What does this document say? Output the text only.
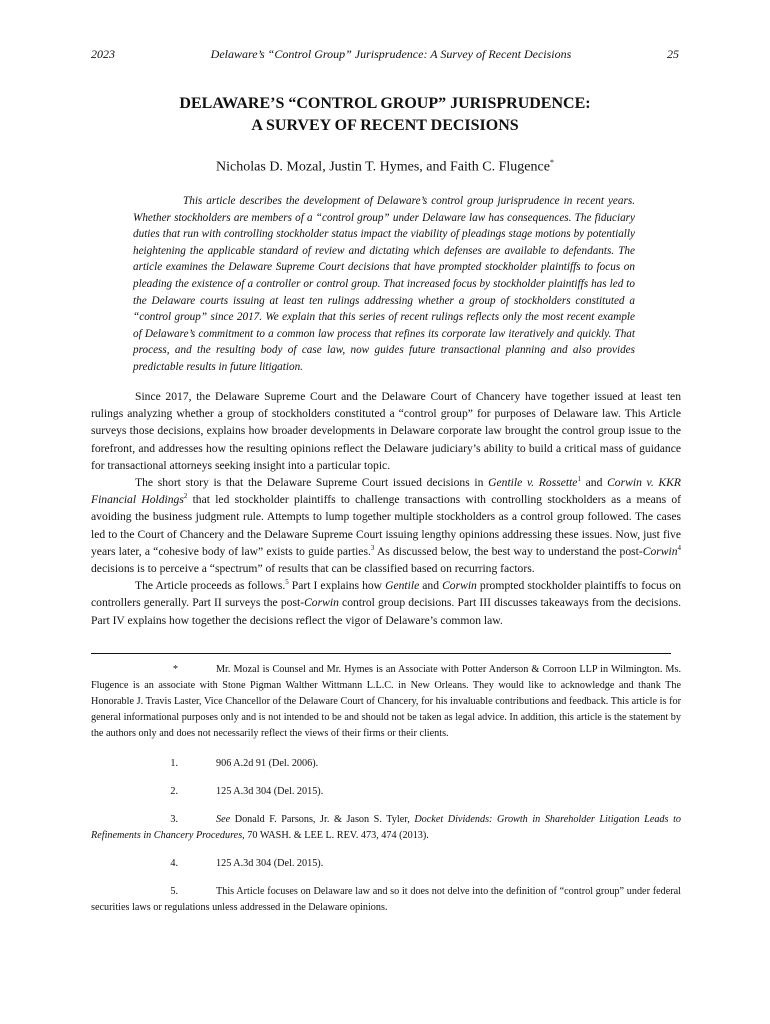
2023	Delaware’s “Control Group” Jurisprudence: A Survey of Recent Decisions	25
DELAWARE’S “CONTROL GROUP” JURISPRUDENCE:
A SURVEY OF RECENT DECISIONS
Nicholas D. Mozal, Justin T. Hymes, and Faith C. Flugence*

This article describes the development of Delaware’s control group jurisprudence in recent years. Whether stockholders are members of a “control group” under Delaware law has consequences. The fiduciary duties that run with controlling stockholder status impact the viability of pleadings stage motions by potentially heightening the applicable standard of review and dictating which defenses are available to defendants. The article examines the Delaware Supreme Court decisions that have prompted stockholder plaintiffs to focus on pleading the existence of a controller or control group. That increased focus by stockholder plaintiffs has led to the Delaware courts issuing at least ten rulings addressing whether a group of stockholders constituted a “control group” since 2017. We explain that this series of recent rulings reflects only the most recent example of Delaware’s commitment to a common law process that refines its corporate law iteratively and quickly. That process, and the resulting body of case law, now guides future transactional planning and also provides predictable results in future litigation.

Since 2017, the Delaware Supreme Court and the Delaware Court of Chancery have together issued at least ten rulings analyzing whether a group of stockholders constituted a “control group” for purposes of Delaware law. This Article surveys those decisions, explains how broader developments in Delaware corporate law brought the control group issue to the forefront, and addresses how the resulting opinions reflect the Delaware judiciary’s ability to build a critical mass of guidance for transactional attorneys seeking insight into a particular topic.

The short story is that the Delaware Supreme Court issued decisions in Gentile v. Rossette$^1$ and Corwin v. KKR Financial Holdings$^2$ that led stockholder plaintiffs to challenge transactions with controlling stockholders as a means of avoiding the business judgment rule. Attempts to lump together multiple stockholders as a control group followed. The cases led to the Court of Chancery and the Delaware Supreme Court issuing lengthy opinions addressing these issues. Now, just five years later, a “cohesive body of law” exists to guide parties.$^3$ As discussed below, the best way to understand the post-Corwin$^4$ decisions is to perceive a “spectrum” of results that can be classified based on recurring factors.

The Article proceeds as follows.$^5$ Part I explains how Gentile and Corwin prompted stockholder plaintiffs to focus on controllers generally. Part II surveys the post-Corwin control group decisions. Part III discusses takeaways from the decisions. Part IV explains how together the decisions reflect the vigor of Delaware’s common law.

*	Mr. Mozal is Counsel and Mr. Hymes is an Associate with Potter Anderson & Corroon LLP in Wilmington. Ms. Flugence is an associate with Stone Pigman Walther Wittmann L.L.C. in New Orleans. They would like to acknowledge and thank The Honorable J. Travis Laster, Vice Chancellor of the Delaware Court of Chancery, for his invaluable contributions and feedback. This article is for general informational purposes only and is not intended to be and should not be taken as legal advice. In addition, this article is the statement by the authors only and does not necessarily reflect the views of their firms or their clients.

1.	906 A.2d 91 (Del. 2006).

2.	125 A.3d 304 (Del. 2015).

3.	See Donald F. Parsons, Jr. & Jason S. Tyler, Docket Dividends: Growth in Shareholder Litigation Leads to Refinements in Chancery Procedures, 70 WASH. & LEE L. REV. 473, 474 (2013).

4.	125 A.3d 304 (Del. 2015).

5.	This Article focuses on Delaware law and so it does not delve into the definition of “control group” under federal securities laws or regulations unless addressed in the Delaware opinions.
